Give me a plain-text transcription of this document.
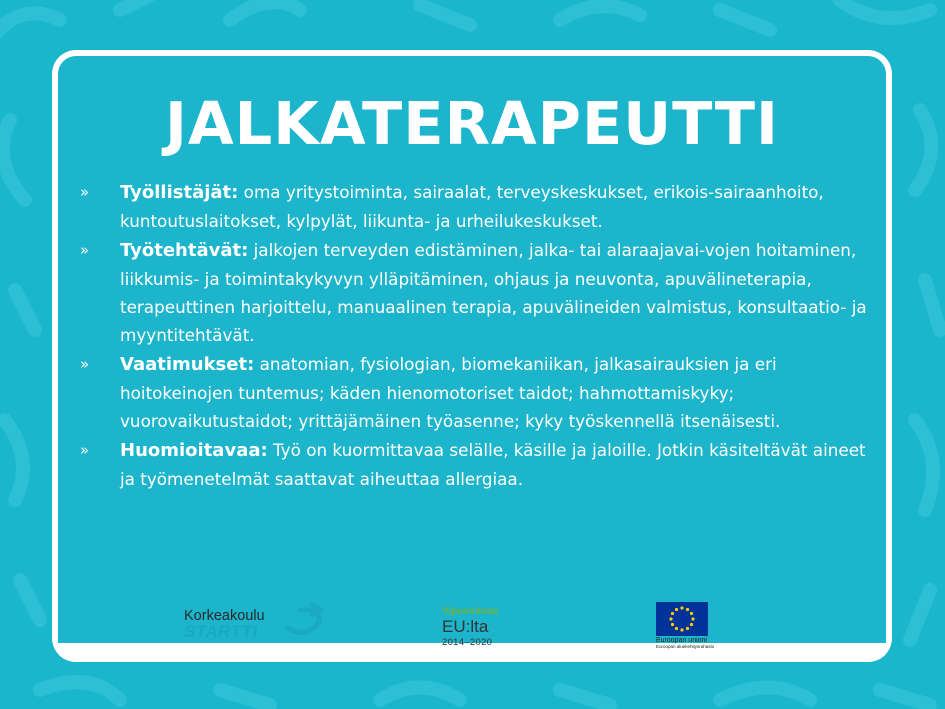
JALKATERAPEUTTI
» Työllistäjät: oma yritystoiminta, sairaalat, terveyskeskukset, erikois-sairaanhoito, kuntoutuslaitokset, kylpylät, liikunta- ja urheilukeskukset.

» Työtehtävät: jalkojen terveyden edistäminen, jalka- tai alaraajavai-vojen hoitaminen, liikkumis- ja toimintakykyvyn ylläpitäminen, ohjaus ja neuvonta, apuvälineterapia, terapeuttinen harjoittelu, manuaalinen terapia, apuvälineiden valmistus, konsultaatio- ja myyntitehtävät.

» Vaatimukset: anatomian, fysiologian, biomekaniikan, jalkasairauksien ja eri hoitokeinojen tuntemus; käden hienomotoriset taidot; hahmottamiskyky; vuorovaikutustaidot; yrittäjämäinen työasenne; kyky työskennellä itsenäisesti.

» Huomioitavaa: Työ on kuormittavaa selälle, käsille ja jaloille. Jotkin käsiteltävät aineet ja työmenetelmät saattavat aiheuttaa allergiaa.

Korkeakoulu
STARTTI
Vipuvoimaa
EU:lta
2014–2020	Euroopan unioni
Euroopan aluekehitysrahasto
